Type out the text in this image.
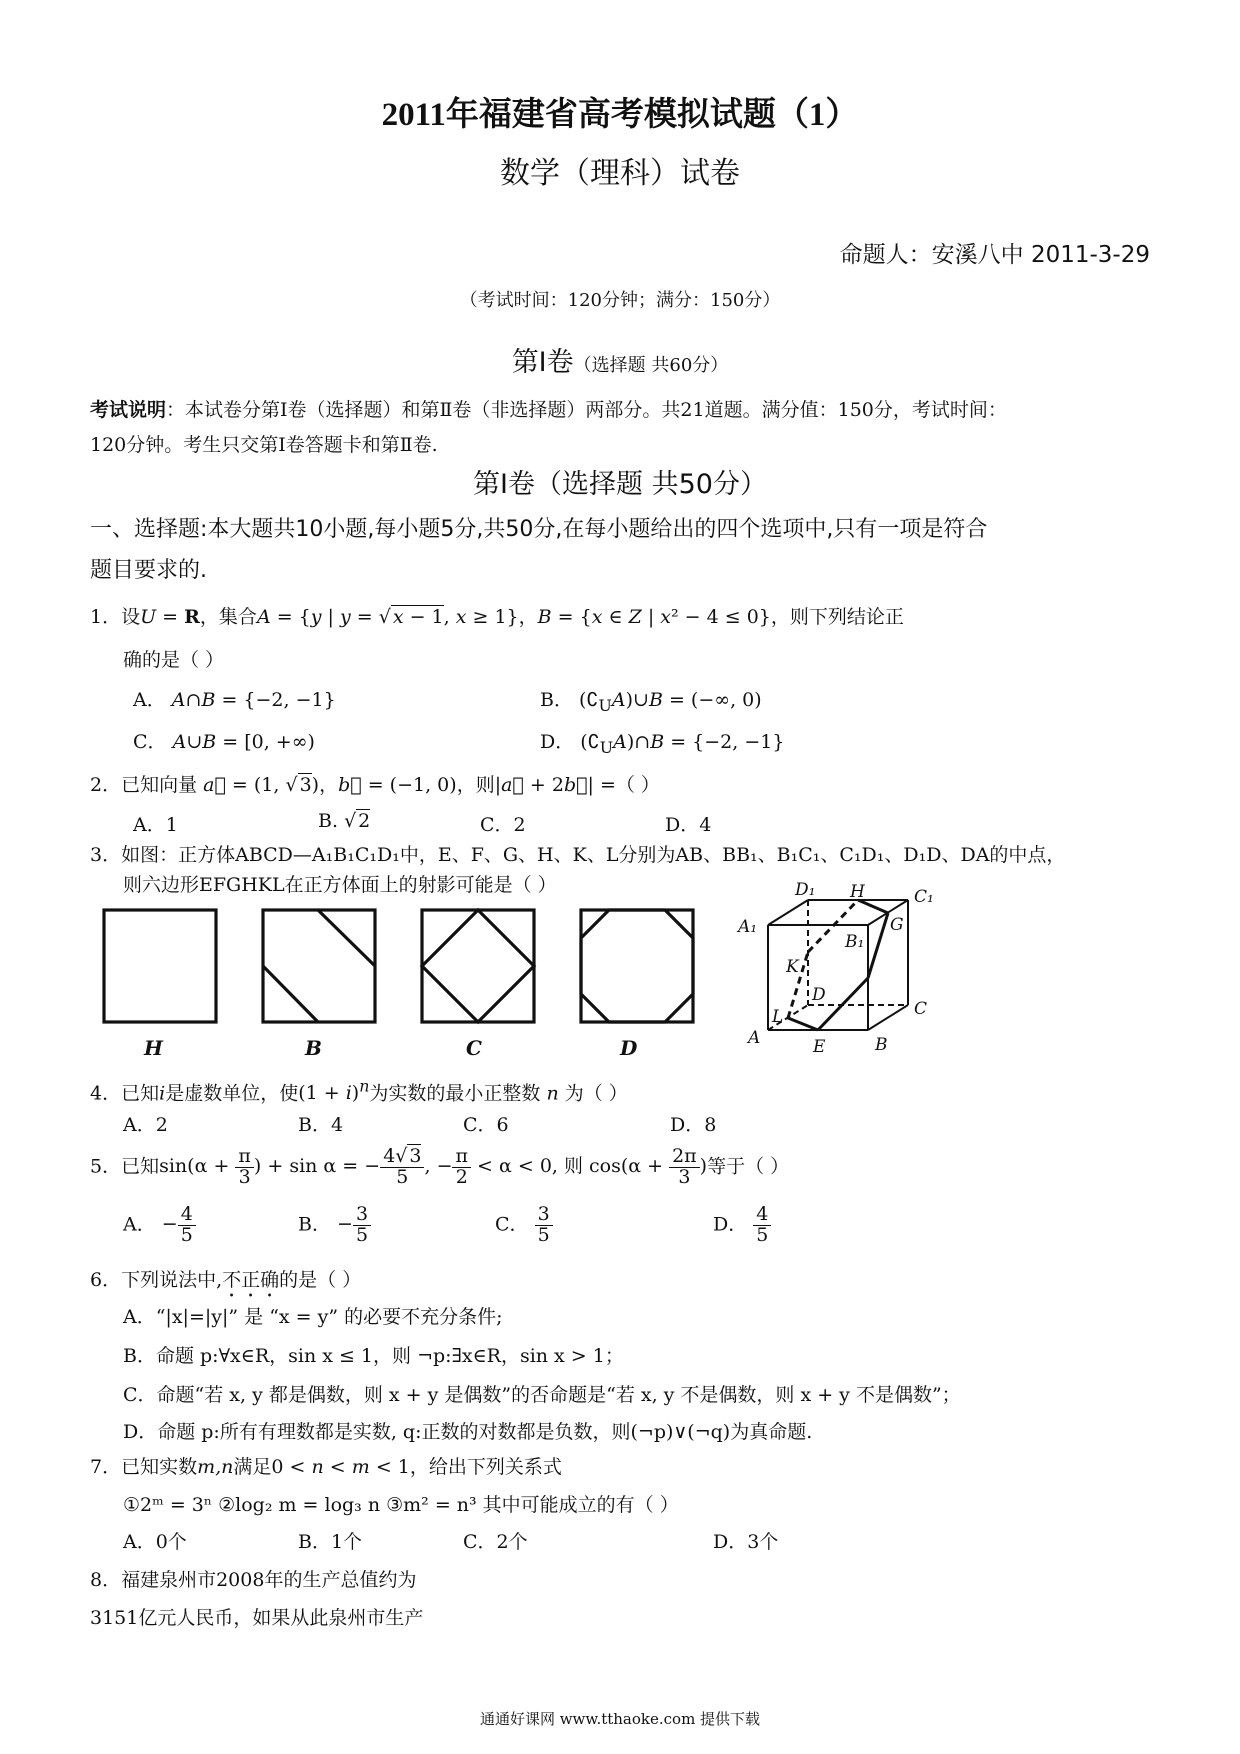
2011年福建省高考模拟试题（1）
数学（理科）试卷
命题人：安溪八中 2011-3-29
（考试时间：120分钟；满分：150分）
第Ⅰ卷（选择题 共60分）
考试说明：本试卷分第Ⅰ卷（选择题）和第Ⅱ卷（非选择题）两部分。共21道题。满分值：150分，考试时间：
120分钟。考生只交第Ⅰ卷答题卡和第Ⅱ卷.
第Ⅰ卷（选择题 共50分）
一、选择题:本大题共10小题,每小题5分,共50分,在每小题给出的四个选项中,只有一项是符合
题目要求的.
1．设U = R，集合A = {y | y = √ x − 1, x ≥ 1}，B = {x ∈ Z | x² − 4 ≤ 0}，则下列结论正
确的是（ ）
A． A∩B = {−2, −1}	B． $(∁_UA)\cup B$ = (−∞, 0)
C． A∪B = [0, +∞)	D． $(∁_UA)\cap B = \{-2$, −1}
2．已知向量 a⃗ = (1, √ 3)，b⃗ = (−1, 0)，则|a⃗ + 2b⃗| =（ ）
A．1	B. √ 2	C．2	D．4
3．如图：正方体ABCD—A₁B₁C₁D₁中，E、F、G、H、K、L分别为AB、BB₁、B₁C₁、C₁D₁、D₁D、DA的中点，
则六边形EFGHKL在正方体面上的射影可能是（ ）
H	B	C	D
D₁ H	C₁
A₁
B₁
G
K
D
L	C
A	E	B
4．已知i是虚数单位，使$(1 + i)^n$为实数的最小正整数 n 为（ ）
A．2	B．4	C．6	D．8
5．已知$\sin(\alpha + \frac{\pi}{3}$ ) + sin α = − $\frac{4√ 3}{5}$ , − $\frac{\pi}{2} < \alpha < 0$, 则 $\cos(\alpha + \frac{2\pi}{3}$ )等于（ ）
A． − $\frac{4}{5}$	B． − $\frac{3}{5}$	C． $\frac{3}{5}$	D． $\frac{4}{5}$
6．下列说法中,不正确的是（ ）
A．“|x|=|y|” 是 “x = y” 的必要不充分条件;
B．命题 p:∀x∈R，sin x ≤ 1，则 ¬p:∃x∈R，sin x > 1；
C．命题“若 x, y 都是偶数，则 x + y 是偶数”的否命题是“若 x, y 不是偶数，则 x + y 不是偶数”；
D．命题 p:所有有理数都是实数, q:正数的对数都是负数，则(¬p)∨(¬q)为真命题.
7．已知实数m,n满足0 < n < m < 1，给出下列关系式
①2ᵐ = 3ⁿ ②log₂ m = log₃ n ③m² = n³ 其中可能成立的有（ ）
A．0个	B．1个	C．2个	D．3个
8．福建泉州市2008年的生产总值约为
3151亿元人民币，如果从此泉州市生产
通通好课网 www.tthaoke.com 提供下载
